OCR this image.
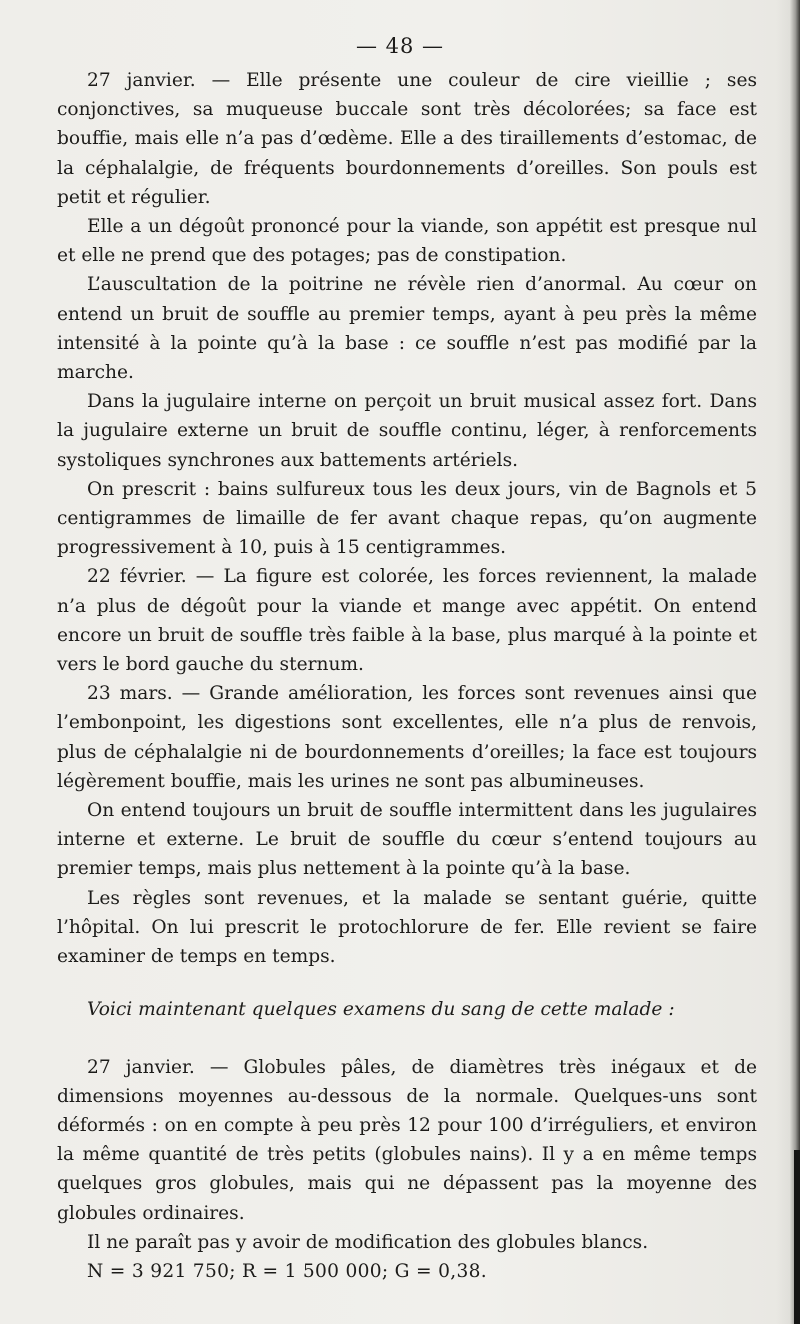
— 48 —

27 janvier. — Elle présente une couleur de cire vieillie ; ses conjonctives, sa muqueuse buccale sont très décolorées; sa face est bouffie, mais elle n’a pas d’œdème. Elle a des tiraillements d’estomac, de la céphalalgie, de fréquents bourdonnements d’oreilles. Son pouls est petit et régulier.

Elle a un dégoût prononcé pour la viande, son appétit est presque nul et elle ne prend que des potages; pas de constipation.

L’auscultation de la poitrine ne révèle rien d’anormal. Au cœur on entend un bruit de souffle au premier temps, ayant à peu près la même intensité à la pointe qu’à la base : ce souffle n’est pas modifié par la marche.

Dans la jugulaire interne on perçoit un bruit musical assez fort. Dans la jugulaire externe un bruit de souffle continu, léger, à renforcements systoliques synchrones aux battements artériels.

On prescrit : bains sulfureux tous les deux jours, vin de Bagnols et 5 centigrammes de limaille de fer avant chaque repas, qu’on augmente progressivement à 10, puis à 15 centigrammes.

22 février. — La figure est colorée, les forces reviennent, la malade n’a plus de dégoût pour la viande et mange avec appétit. On entend encore un bruit de souffle très faible à la base, plus marqué à la pointe et vers le bord gauche du sternum.

23 mars. — Grande amélioration, les forces sont revenues ainsi que l’embonpoint, les digestions sont excellentes, elle n’a plus de renvois, plus de céphalalgie ni de bourdonnements d’oreilles; la face est toujours légèrement bouffie, mais les urines ne sont pas albumineuses.

On entend toujours un bruit de souffle intermittent dans les jugulaires interne et externe. Le bruit de souffle du cœur s’entend toujours au premier temps, mais plus nettement à la pointe qu’à la base.

Les règles sont revenues, et la malade se sentant guérie, quitte l’hôpital. On lui prescrit le protochlorure de fer. Elle revient se faire examiner de temps en temps.

Voici maintenant quelques examens du sang de cette malade :

27 janvier. — Globules pâles, de diamètres très inégaux et de dimensions moyennes au-dessous de la normale. Quelques-uns sont déformés : on en compte à peu près 12 pour 100 d’irréguliers, et environ la même quantité de très petits (globules nains). Il y a en même temps quelques gros globules, mais qui ne dépassent pas la moyenne des globules ordinaires.

Il ne paraît pas y avoir de modification des globules blancs.

N = 3 921 750; R = 1 500 000; G = 0,38.
